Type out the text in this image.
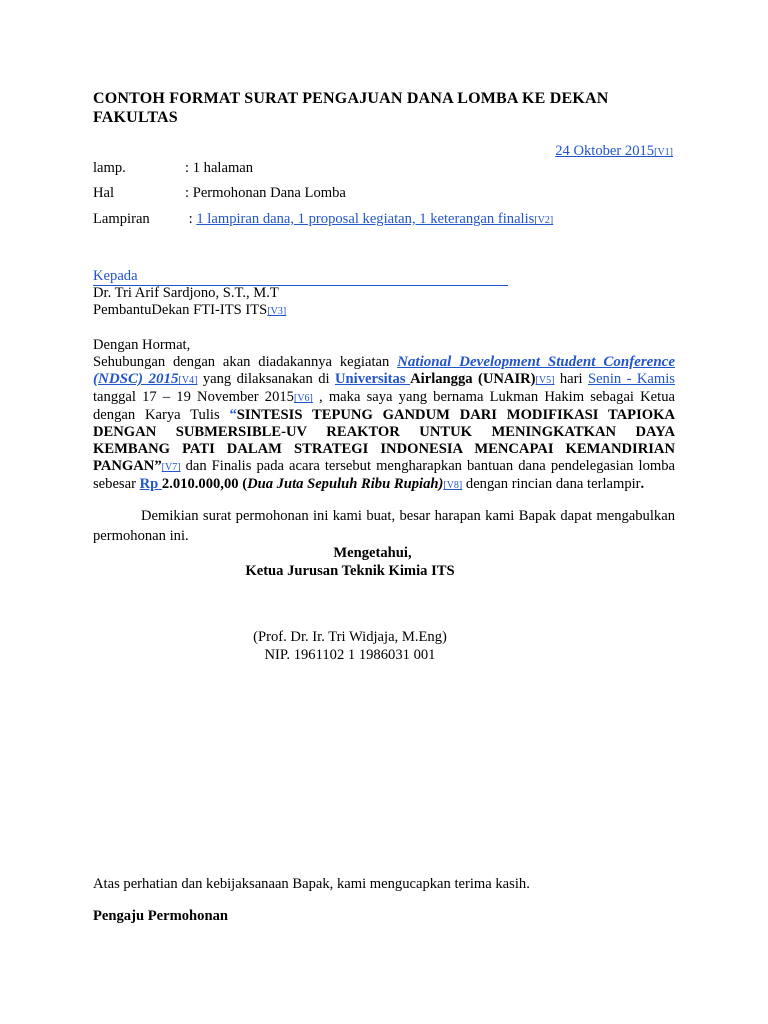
CONTOH FORMAT SURAT PENGAJUAN DANA LOMBA KE DEKAN FAKULTAS
24 Oktober 2015[V1]
lamp.	: 1 halaman
Hal	: Permohonan Dana Lomba
Lampiran : 1 lampiran dana, 1 proposal kegiatan, 1 keterangan finalis[V2]
Kepada
Dr. Tri Arif Sardjono, S.T., M.T
PembantuDekan FTI-ITS ITS[V3]
Dengan Hormat,
Sehubungan dengan akan diadakannya kegiatan National Development Student Conference (NDSC) 2015[V4] yang dilaksanakan di Universitas Airlangga (UNAIR)[V5] hari Senin - Kamis tanggal 17 – 19 November 2015[V6] , maka saya yang bernama Lukman Hakim sebagai Ketua dengan Karya Tulis “SINTESIS TEPUNG GANDUM DARI MODIFIKASI TAPIOKA DENGAN SUBMERSIBLE-UV REAKTOR UNTUK MENINGKATKAN DAYA KEMBANG PATI DALAM STRATEGI INDONESIA MENCAPAI KEMANDIRIAN PANGAN”[V7] dan Finalis pada acara tersebut mengharapkan bantuan dana pendelegasian lomba sebesar Rp 2.010.000,00 (Dua Juta Sepuluh Ribu Rupiah)[V8] dengan rincian dana terlampir.
Demikian surat permohonan ini kami buat, besar harapan kami Bapak dapat mengabulkan permohonan ini.
Mengetahui,
Ketua Jurusan Teknik Kimia ITS
(Prof. Dr. Ir. Tri Widjaja, M.Eng)
NIP. 1961102 1 1986031 001
Atas perhatian dan kebijaksanaan Bapak, kami mengucapkan terima kasih.
Pengaju Permohonan
